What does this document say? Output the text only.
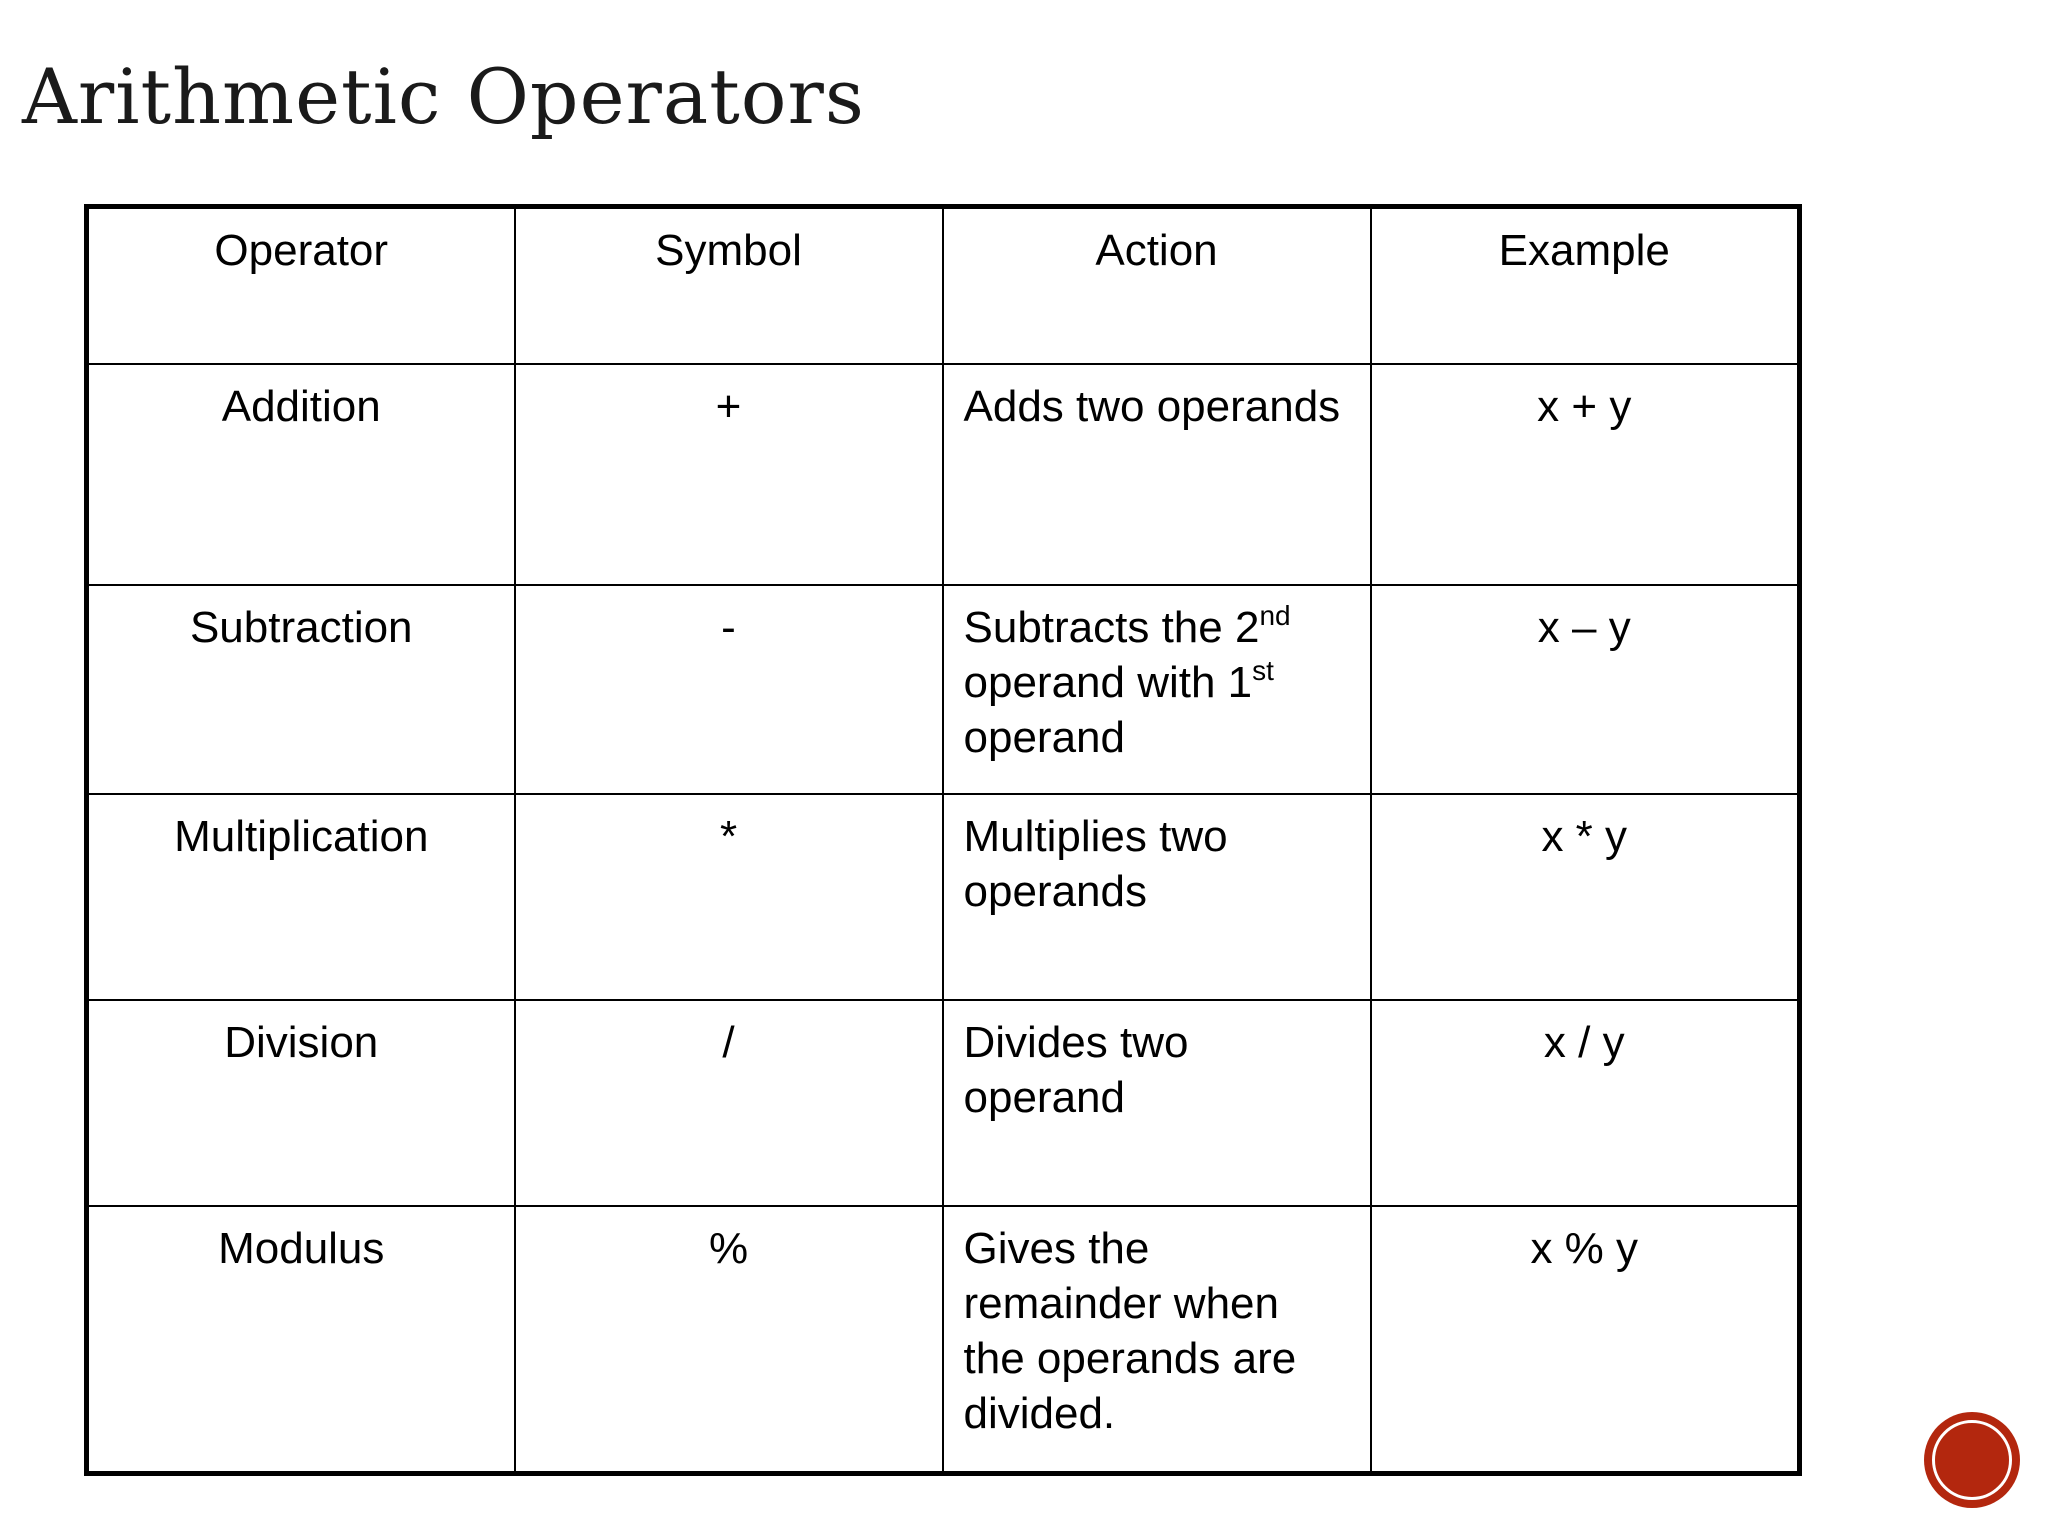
Arithmetic Operators
Operator	Symbol	Action	Example
Addition	+	Adds two operands	x + y
Subtraction	-	Subtracts the 2nd operand with 1st operand	x – y
Multiplication	*	Multiplies two operands	x * y
Division	/	Divides two operand	x / y
Modulus	%	Gives the remainder when the operands are divided.	x % y
